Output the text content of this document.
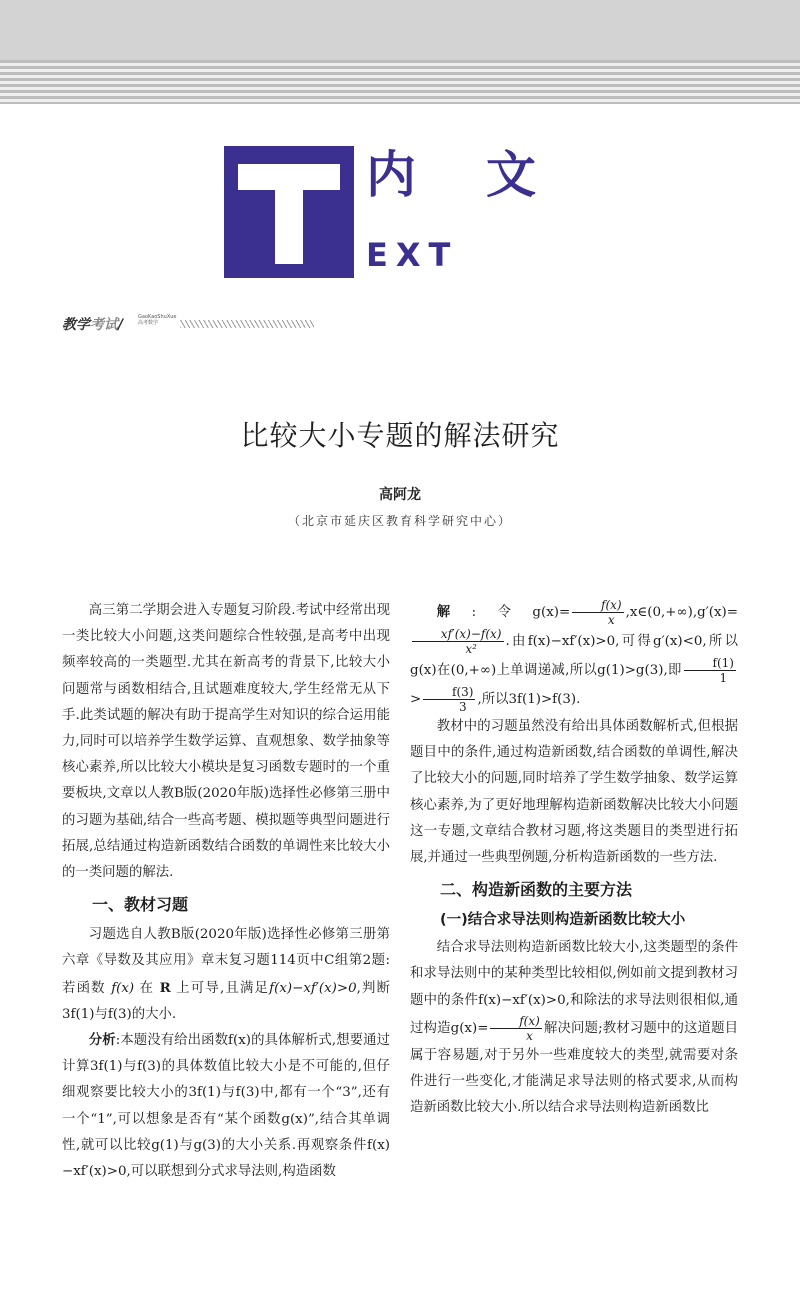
内文
EXT
教学考试/	GaoKaoShuXue
高考数学
比较大小专题的解法研究
高阿龙
（北京市延庆区教育科学研究中心）

高三第二学期会进入专题复习阶段.考试中经常出现一类比较大小问题,这类问题综合性较强,是高考中出现频率较高的一类题型.尤其在新高考的背景下,比较大小问题常与函数相结合,且试题难度较大,学生经常无从下手.此类试题的解决有助于提高学生对知识的综合运用能力,同时可以培养学生数学运算、直观想象、数学抽象等核心素养,所以比较大小模块是复习函数专题时的一个重要板块,文章以人教B版(2020年版)选择性必修第三册中的习题为基础,结合一些高考题、模拟题等典型问题进行拓展,总结通过构造新函数结合函数的单调性来比较大小的一类问题的解法.

一、教材习题

习题选自人教B版(2020年版)选择性必修第三册第六章《导数及其应用》章末复习题114页中C组第2题:若函数 f(x) 在 R 上可导,且满足f(x)−xf′(x)>0,判断3f(1)与f(3)的大小.

分析:本题没有给出函数f(x)的具体解析式,想要通过计算3f(1)与f(3)的具体数值比较大小是不可能的,但仔细观察要比较大小的3f(1)与f(3)中,都有一个“3”,还有一个“1”,可以想象是否有“某个函数g(x)”,结合其单调性,就可以比较g(1)与g(3)的大小关系.再观察条件f(x)−xf′(x)>0,可以联想到分式求导法则,构造函数

解:令$g(x)= \frac{f(x)}{x}$ ,x∈(0,+∞),g′(x)=
$\frac{xf'(x)-f(x)}{\text{x²}}$ .由f(x)−xf′(x)>0,可得g′(x)<0,所以g(x)在(0,+∞)上单调递减,所以g(1)>g(3),即 $\frac{f(1)}{1}$
> $\frac{f(3)}{3}$ ,所以3f(1)>f(3).

教材中的习题虽然没有给出具体函数解析式,但根据题目中的条件,通过构造新函数,结合函数的单调性,解决了比较大小的问题,同时培养了学生数学抽象、数学运算核心素养,为了更好地理解构造新函数解决比较大小问题这一专题,文章结合教材习题,将这类题目的类型进行拓展,并通过一些典型例题,分析构造新函数的一些方法.

二、构造新函数的主要方法
(一)结合求导法则构造新函数比较大小

结合求导法则构造新函数比较大小,这类题型的条件和求导法则中的某种类型比较相似,例如前文提到教材习题中的条件f(x)−xf′(x)>0,和除法的求导法则很相似,通过构造$g(x)= \frac{f(x)}{x}$ 解决问题;教材习题中的这道题目属于容易题,对于另外一些难度较大的类型,就需要对条件进行一些变化,才能满足求导法则的格式要求,从而构造新函数比较大小.所以结合求导法则构造新函数比
